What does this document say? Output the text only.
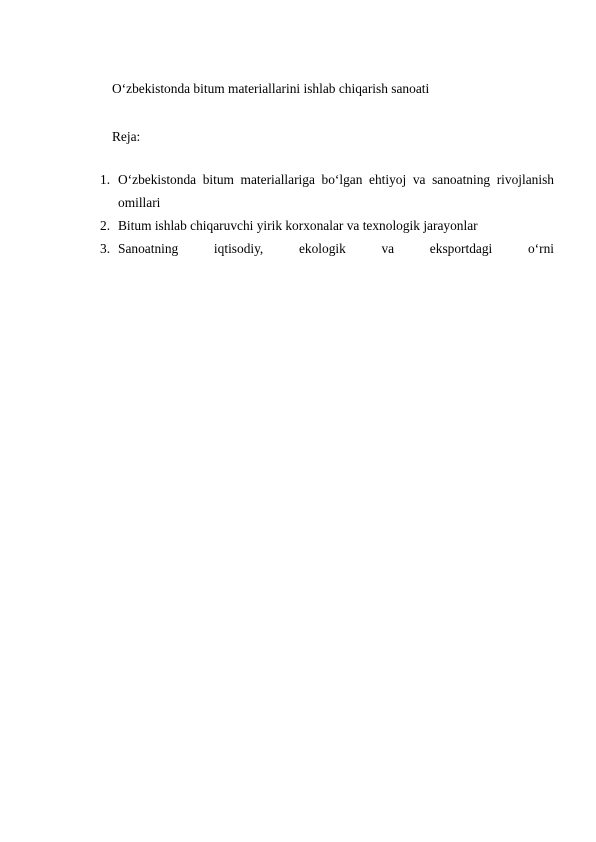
O‘zbekistonda bitum materiallarini ishlab chiqarish sanoati
Reja:
1. O‘zbekistonda bitum materiallariga bo‘lgan ehtiyoj va sanoatning rivojlanish omillari
2. Bitum ishlab chiqaruvchi yirik korxonalar va texnologik jarayonlar
3. Sanoatning iqtisodiy, ekologik va eksportdagi o‘rni
